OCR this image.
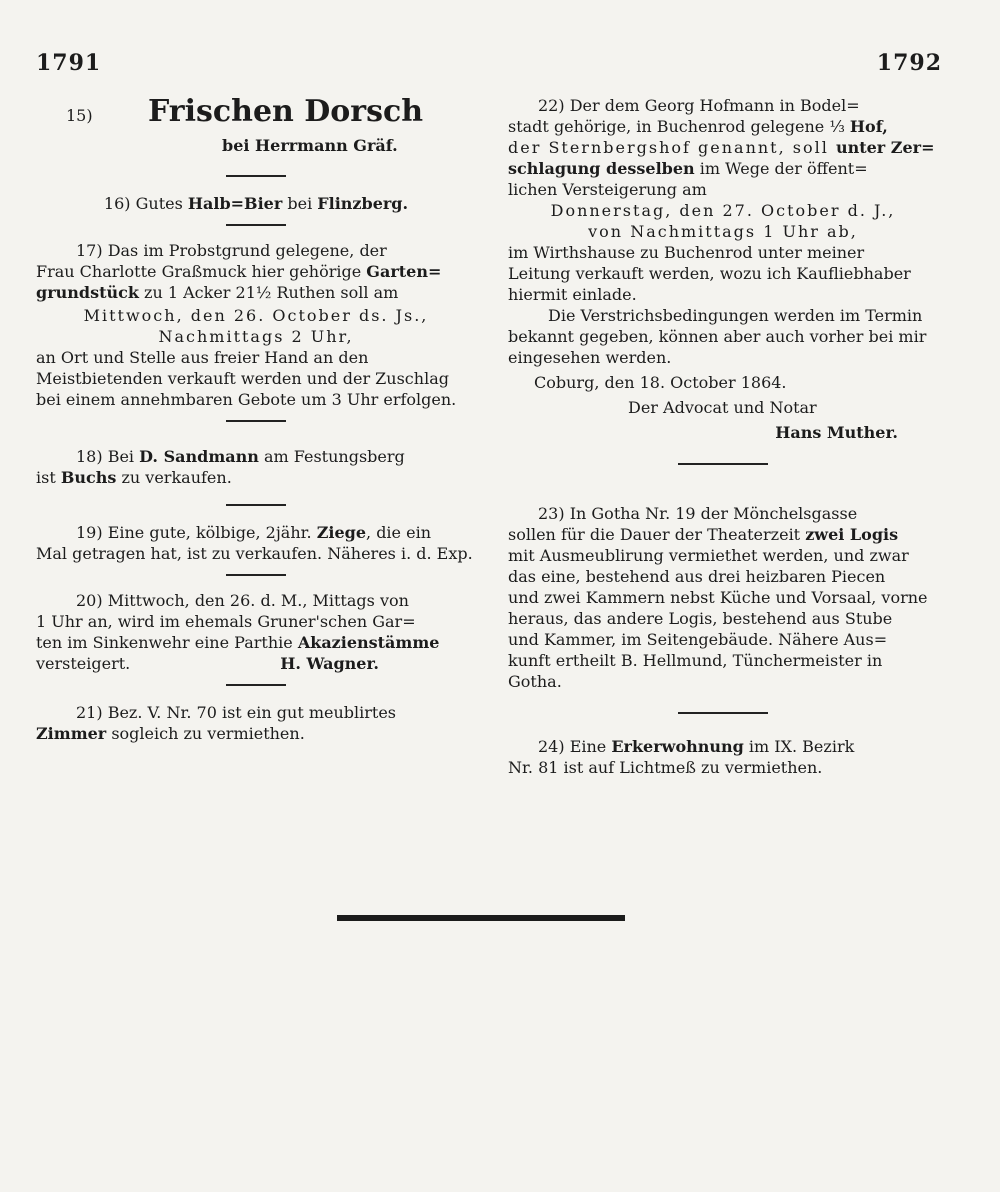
1791	1792
15) Frischen Dorsch
bei Herrmann Gräf.

16) Gutes Halb=Bier bei Flinzberg.

17) Das im Probstgrund gelegene, der

Frau Charlotte Graßmuck hier gehörige Garten=

grundstück zu 1 Acker 21½ Ruthen soll am

Mittwoch, den 26. October ds. Js.,

Nachmittags 2 Uhr,

an Ort und Stelle aus freier Hand an den

Meistbietenden verkauft werden und der Zuschlag

bei einem annehmbaren Gebote um 3 Uhr erfolgen.

18) Bei D. Sandmann am Festungsberg

ist Buchs zu verkaufen.

19) Eine gute, kölbige, 2jähr. Ziege, die ein

Mal getragen hat, ist zu verkaufen. Näheres i. d. Exp.

20) Mittwoch, den 26. d. M., Mittags von

1 Uhr an, wird im ehemals Gruner'schen Gar=

ten im Sinkenwehr eine Parthie Akazienstämme

versteigert.	H. Wagner.

21) Bez. V. Nr. 70 ist ein gut meublirtes

Zimmer sogleich zu vermiethen.

22) Der dem Georg Hofmann in Bodel=

stadt gehörige, in Buchenrod gelegene ⅓ Hof,

der Sternbergshof genannt, soll unter Zer=

schlagung desselben im Wege der öffent=

lichen Versteigerung am

Donnerstag, den 27. October d. J.,

von Nachmittags 1 Uhr ab,

im Wirthshause zu Buchenrod unter meiner

Leitung verkauft werden, wozu ich Kaufliebhaber

hiermit einlade.

Die Verstrichsbedingungen werden im Termin

bekannt gegeben, können aber auch vorher bei mir

eingesehen werden.

Coburg, den 18. October 1864.

Der Advocat und Notar

Hans Muther.

23) In Gotha Nr. 19 der Mönchelsgasse

sollen für die Dauer der Theaterzeit zwei Logis

mit Ausmeublirung vermiethet werden, und zwar

das eine, bestehend aus drei heizbaren Piecen

und zwei Kammern nebst Küche und Vorsaal, vorne

heraus, das andere Logis, bestehend aus Stube

und Kammer, im Seitengebäude. Nähere Aus=

kunft ertheilt B. Hellmund, Tünchermeister in

Gotha.

24) Eine Erkerwohnung im IX. Bezirk

Nr. 81 ist auf Lichtmeß zu vermiethen.
